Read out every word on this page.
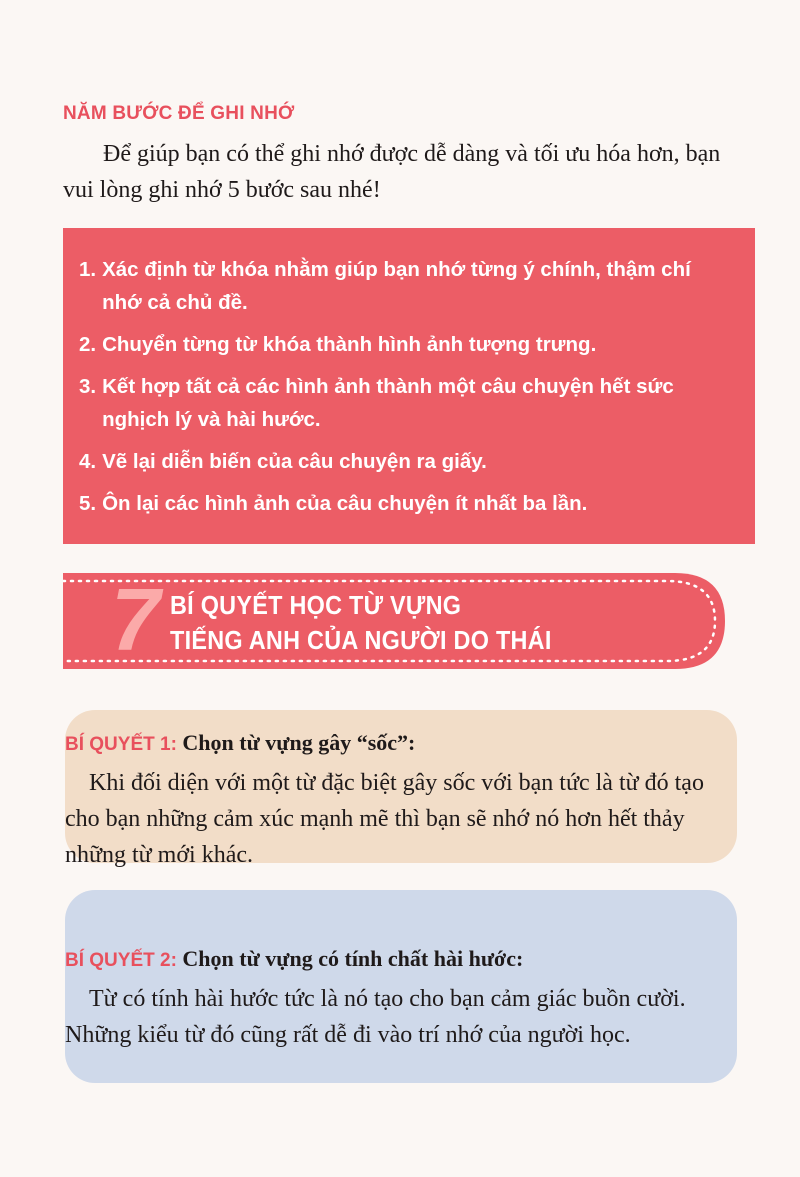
NĂM BƯỚC ĐỂ GHI NHỚ

Để giúp bạn có thể ghi nhớ được dễ dàng và tối ưu hóa hơn, bạn vui lòng ghi nhớ 5 bước sau nhé!

1. Xác định từ khóa nhằm giúp bạn nhớ từng ý chính, thậm chí nhớ cả chủ đề.
2. Chuyển từng từ khóa thành hình ảnh tượng trưng.
3. Kết hợp tất cả các hình ảnh thành một câu chuyện hết sức nghịch lý và hài hước.
4. Vẽ lại diễn biến của câu chuyện ra giấy.
5. Ôn lại các hình ảnh của câu chuyện ít nhất ba lần.
7 BÍ QUYẾT HỌC TỪ VỰNG
TIẾNG ANH CỦA NGƯỜI DO THÁI

BÍ QUYẾT 1: Chọn từ vựng gây “sốc”:

Khi đối diện với một từ đặc biệt gây sốc với bạn tức là từ đó tạo cho bạn những cảm xúc mạnh mẽ thì bạn sẽ nhớ nó hơn hết thảy những từ mới khác.

BÍ QUYẾT 2: Chọn từ vựng có tính chất hài hước:

Từ có tính hài hước tức là nó tạo cho bạn cảm giác buồn cười. Những kiểu từ đó cũng rất dễ đi vào trí nhớ của người học.
